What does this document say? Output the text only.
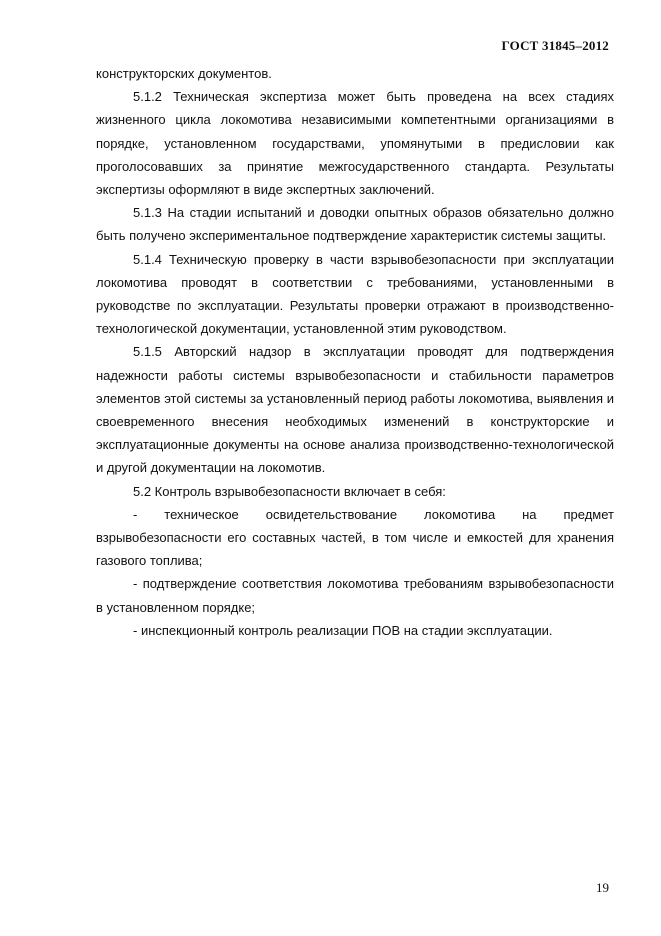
ГОСТ 31845–2012

конструкторских документов.

5.1.2 Техническая экспертиза может быть проведена на всех стадиях жизненного цикла локомотива независимыми компетентными организациями в порядке, установленном государствами, упомянутыми в предисловии как проголосовавших за принятие межгосударственного стандарта. Результаты экспертизы оформляют в виде экспертных заключений.

5.1.3 На стадии испытаний и доводки опытных образов обязательно должно быть получено экспериментальное подтверждение характеристик системы защиты.

5.1.4 Техническую проверку в части взрывобезопасности при эксплуатации локомотива проводят в соответствии с требованиями, установленными в руководстве по эксплуатации. Результаты проверки отражают в производственно-технологической документации, установленной этим руководством.

5.1.5 Авторский надзор в эксплуатации проводят для подтверждения надежности работы системы взрывобезопасности и стабильности параметров элементов этой системы за установленный период работы локомотива, выявления и своевременного внесения необходимых изменений в конструкторские и эксплуатационные документы на основе анализа производственно-технологической и другой документации на локомотив.

5.2 Контроль взрывобезопасности включает в себя:

- техническое освидетельствование локомотива на предмет взрывобезопасности его составных частей, в том числе и емкостей для хранения газового топлива;

- подтверждение соответствия локомотива требованиям взрывобезопасности в установленном порядке;

- инспекционный контроль реализации ПОВ на стадии эксплуатации.

19
